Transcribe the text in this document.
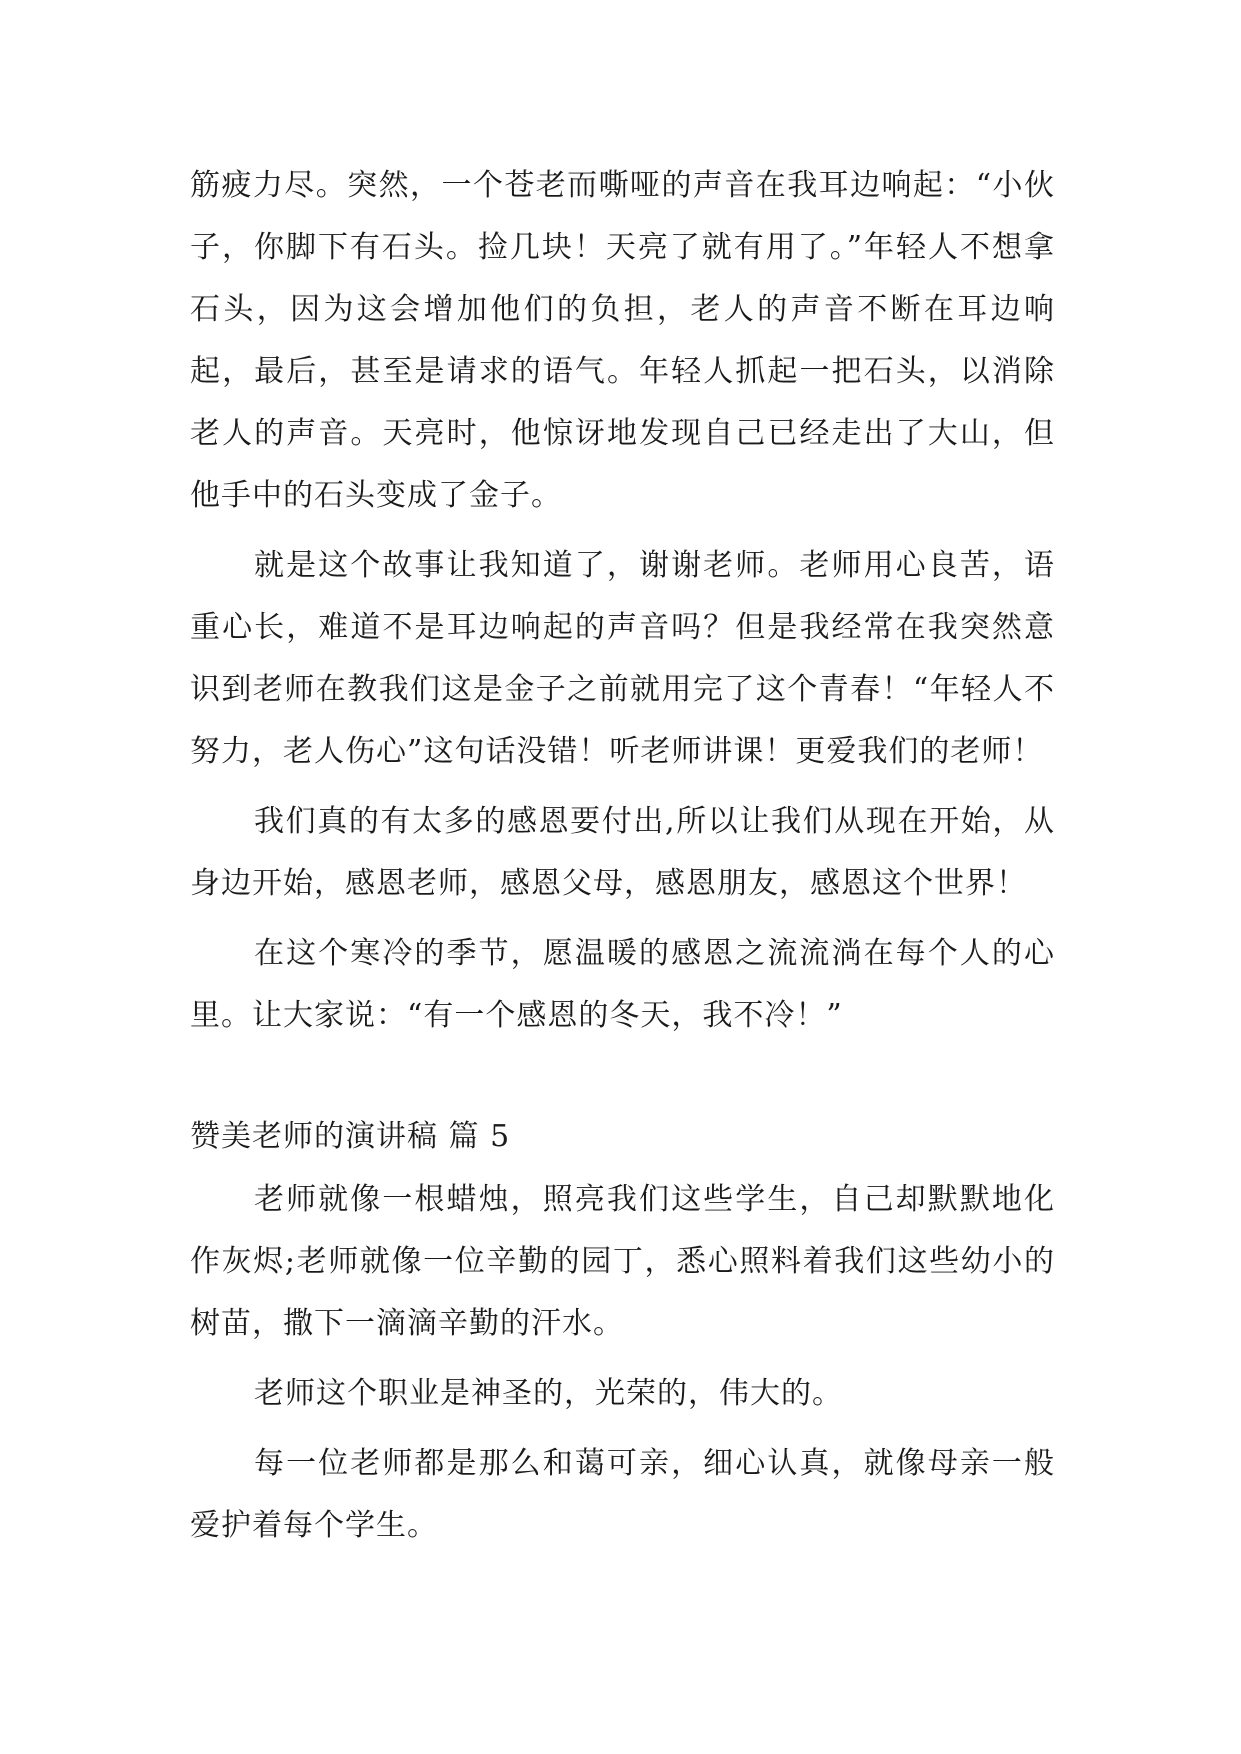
筋疲力尽。突然，一个苍老而嘶哑的声音在我耳边响起：“小伙子，你脚下有石头。捡几块！天亮了就有用了。”年轻人不想拿石头，因为这会增加他们的负担，老人的声音不断在耳边响起，最后，甚至是请求的语气。年轻人抓起一把石头，以消除老人的声音。天亮时，他惊讶地发现自己已经走出了大山，但他手中的石头变成了金子。

就是这个故事让我知道了，谢谢老师。老师用心良苦，语重心长，难道不是耳边响起的声音吗？但是我经常在我突然意识到老师在教我们这是金子之前就用完了这个青春！“年轻人不努力，老人伤心”这句话没错！听老师讲课！更爱我们的老师！

我们真的有太多的感恩要付出,所以让我们从现在开始，从身边开始，感恩老师，感恩父母，感恩朋友，感恩这个世界！

在这个寒冷的季节，愿温暖的感恩之流流淌在每个人的心里。让大家说：“有一个感恩的冬天，我不冷！”

赞美老师的演讲稿 篇 5

老师就像一根蜡烛，照亮我们这些学生，自己却默默地化作灰烬;老师就像一位辛勤的园丁，悉心照料着我们这些幼小的树苗，撒下一滴滴辛勤的汗水。

老师这个职业是神圣的，光荣的，伟大的。

每一位老师都是那么和蔼可亲，细心认真，就像母亲一般爱护着每个学生。
